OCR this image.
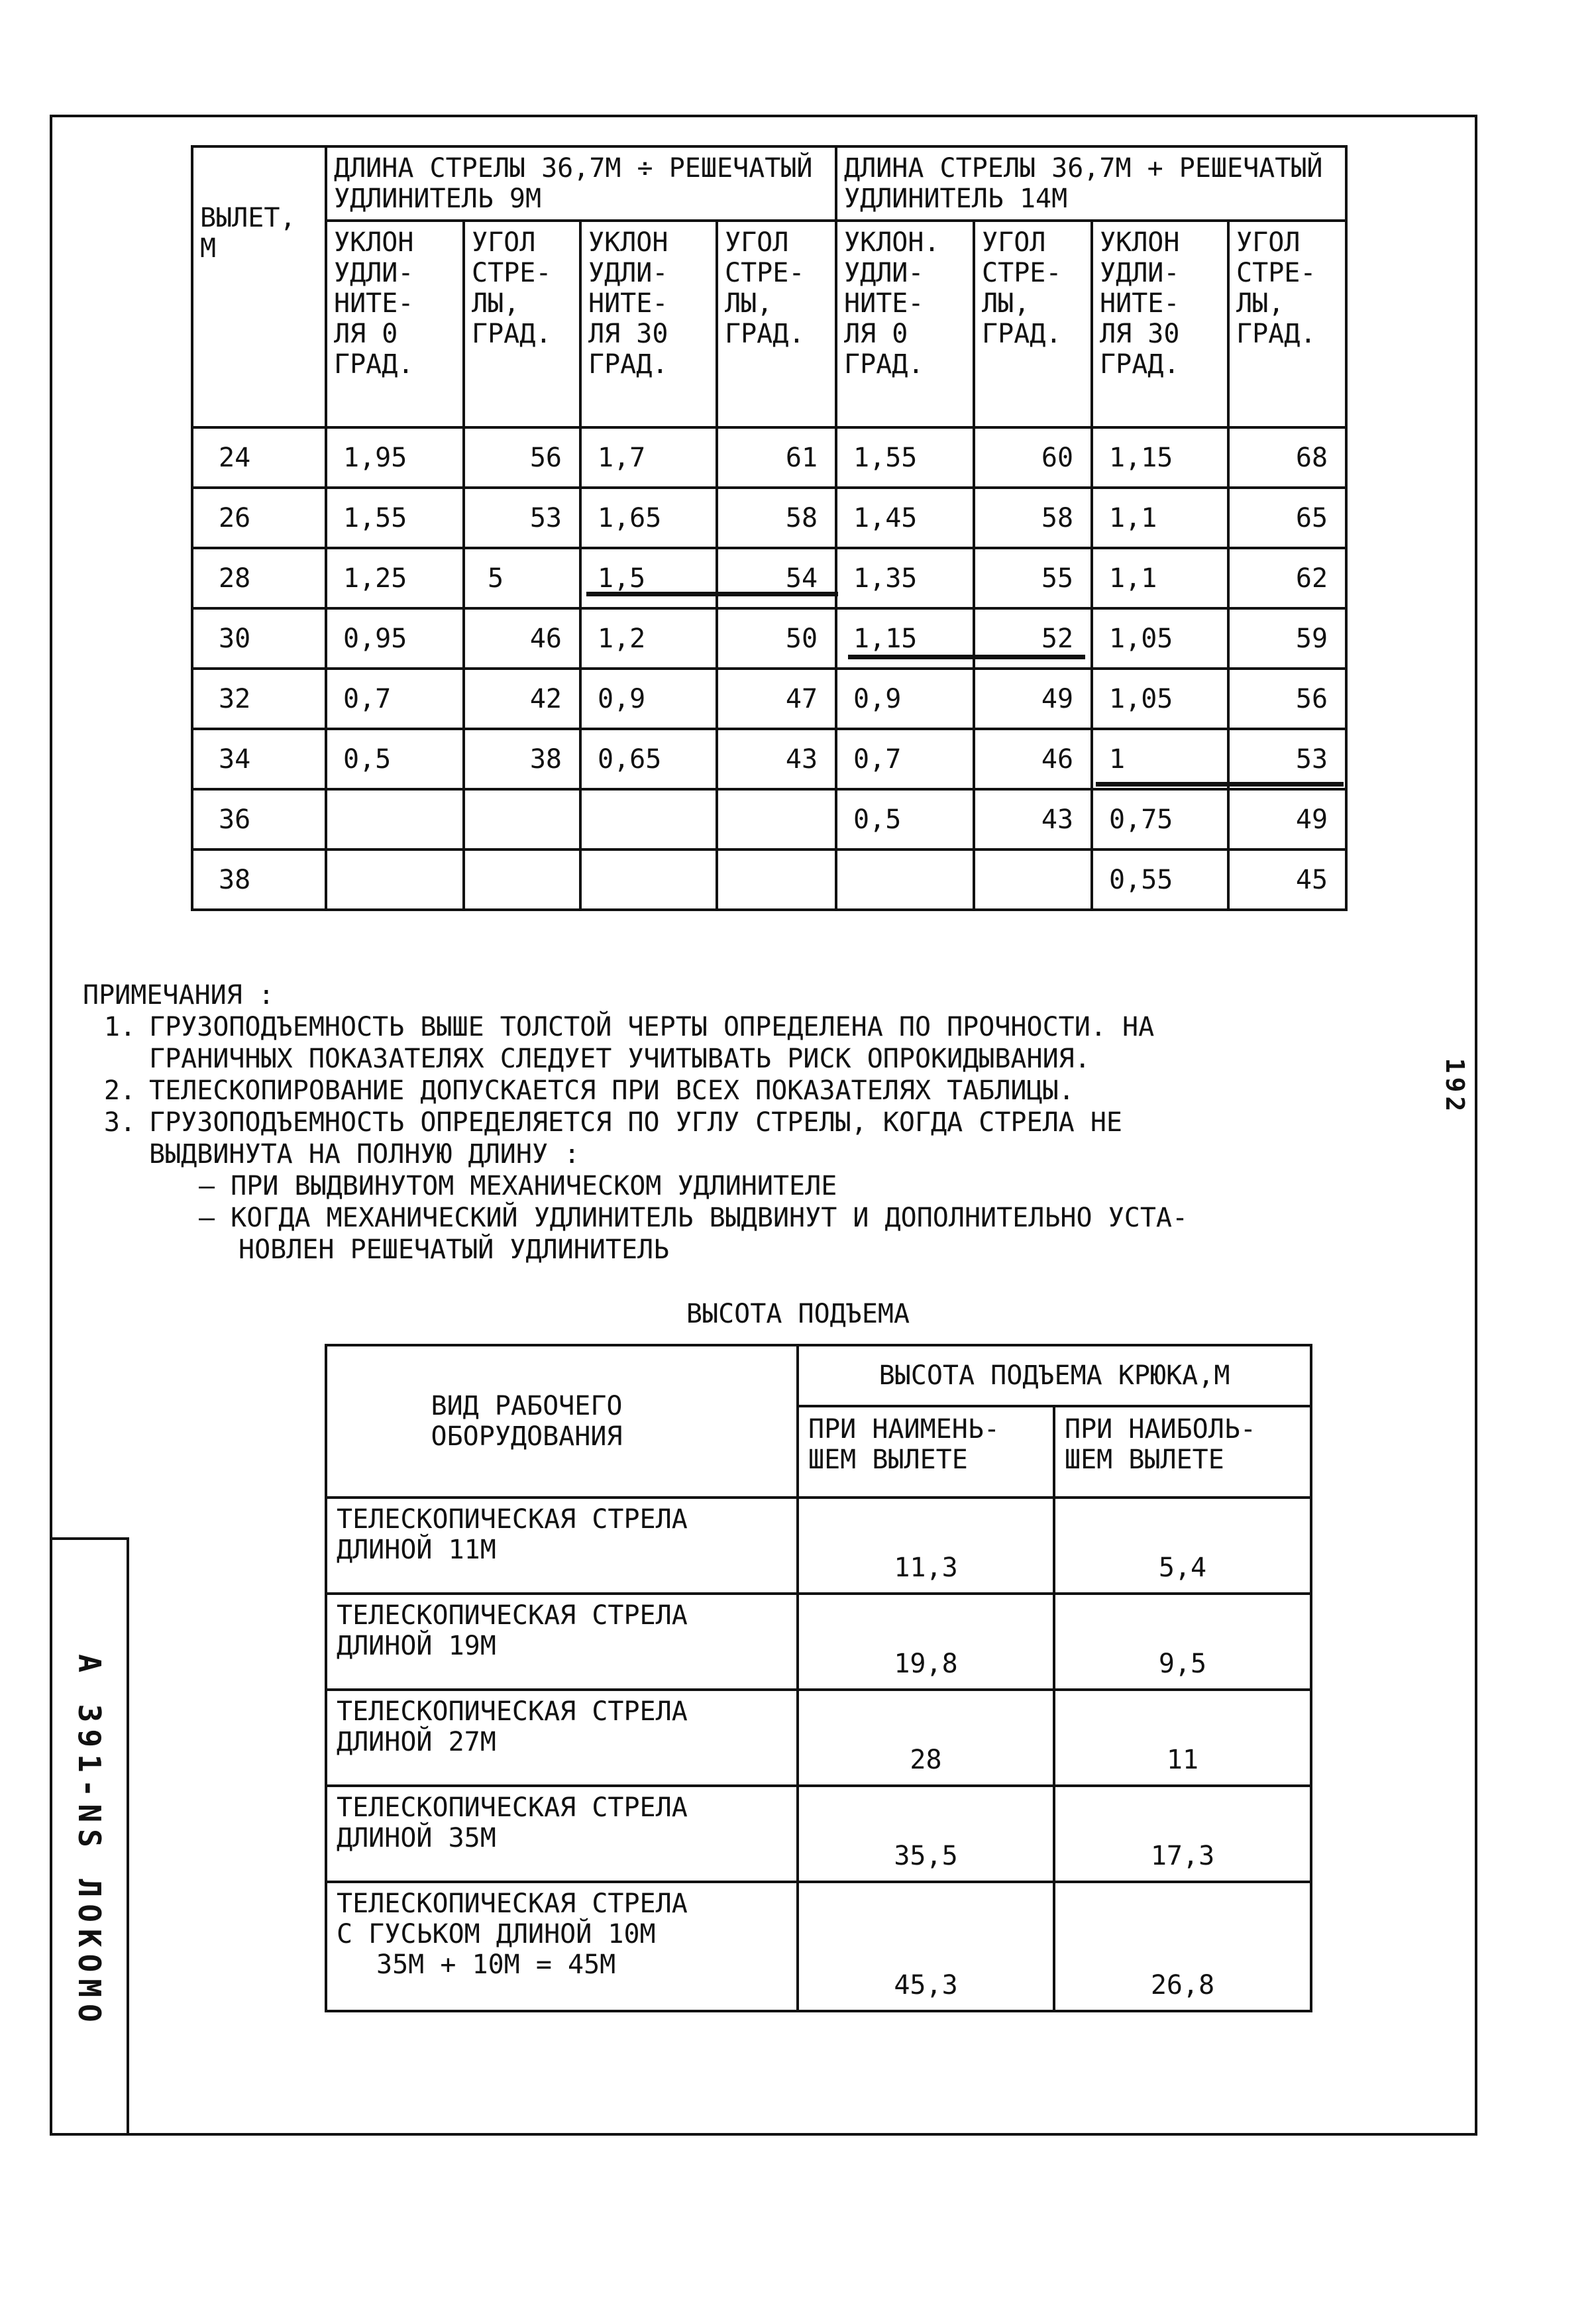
А 391-NS ЛОКОМО
192
ВЫЛЕТ, М	ДЛИНА СТРЕЛЫ 36,7М ÷ РЕШЕЧАТЫЙ УДЛИНИТЕЛЬ 9М				ДЛИНА СТРЕЛЫ 36,7М + РЕШЕЧАТЫЙ УДЛИНИТЕЛЬ 14М			
	УКЛОН УДЛИ- НИТЕ- ЛЯ 0 ГРАД.	УГОЛ СТРЕ- ЛЫ, ГРАД.	УКЛОН УДЛИ- НИТЕ- ЛЯ 30 ГРАД.	УГОЛ СТРЕ- ЛЫ, ГРАД.	УКЛОН. УДЛИ- НИТЕ- ЛЯ 0 ГРАД.	УГОЛ СТРЕ- ЛЫ, ГРАД.	УКЛОН УДЛИ- НИТЕ- ЛЯ 30 ГРАД.	УГОЛ СТРЕ- ЛЫ, ГРАД.
24	1,95	56	1,7	61	1,55	60	1,15	68
26	1,55	53	1,65	58	1,45	58	1,1	65
28	1,25	5	1,5	54	1,35	55	1,1	62
30	0,95	46	1,2	50	1,15	52	1,05	59
32	0,7	42	0,9	47	0,9	49	1,05	56
34	0,5	38	0,65	43	0,7	46	1	53
36					0,5	43	0,75	49
38							0,55	45

ПРИМЕЧАНИЯ :

1. ГРУЗОПОДЪЕМНОСТЬ ВЫШЕ ТОЛСТОЙ ЧЕРТЫ ОПРЕДЕЛЕНА ПО ПРОЧНОСТИ. НА
ГРАНИЧНЫХ ПОКАЗАТЕЛЯХ СЛЕДУЕТ УЧИТЫВАТЬ РИСК ОПРОКИДЫВАНИЯ.
2. ТЕЛЕСКОПИРОВАНИЕ ДОПУСКАЕТСЯ ПРИ ВСЕХ ПОКАЗАТЕЛЯХ ТАБЛИЦЫ.
3. ГРУЗОПОДЪЕМНОСТЬ ОПРЕДЕЛЯЕТСЯ ПО УГЛУ СТРЕЛЫ, КОГДА СТРЕЛА НЕ
ВЫДВИНУТА НА ПОЛНУЮ ДЛИНУ :
– ПРИ ВЫДВИНУТОМ МЕХАНИЧЕСКОМ УДЛИНИТЕЛЕ
– КОГДА МЕХАНИЧЕСКИЙ УДЛИНИТЕЛЬ ВЫДВИНУТ И ДОПОЛНИТЕЛЬНО УСТА-
НОВЛЕН РЕШЕЧАТЫЙ УДЛИНИТЕЛЬ
ВЫСОТА ПОДЪЕМА
ВИД РАБОЧЕГО ОБОРУДОВАНИЯ	ВЫСОТА ПОДЪЕМА КРЮКА,М	
	ПРИ НАИМЕНЬ- ШЕМ ВЫЛЕТЕ	ПРИ НАИБОЛЬ- ШЕМ ВЫЛЕТЕ
ТЕЛЕСКОПИЧЕСКАЯ СТРЕЛА
ДЛИНОЙ 11М	11,3	5,4
ТЕЛЕСКОПИЧЕСКАЯ СТРЕЛА
ДЛИНОЙ 19М	19,8	9,5
ТЕЛЕСКОПИЧЕСКАЯ СТРЕЛА
ДЛИНОЙ 27М	28	11
ТЕЛЕСКОПИЧЕСКАЯ СТРЕЛА
ДЛИНОЙ 35М	35,5	17,3
ТЕЛЕСКОПИЧЕСКАЯ СТРЕЛА
С ГУСЬКОМ ДЛИНОЙ 10М
35М + 10М = 45М	45,3	26,8
